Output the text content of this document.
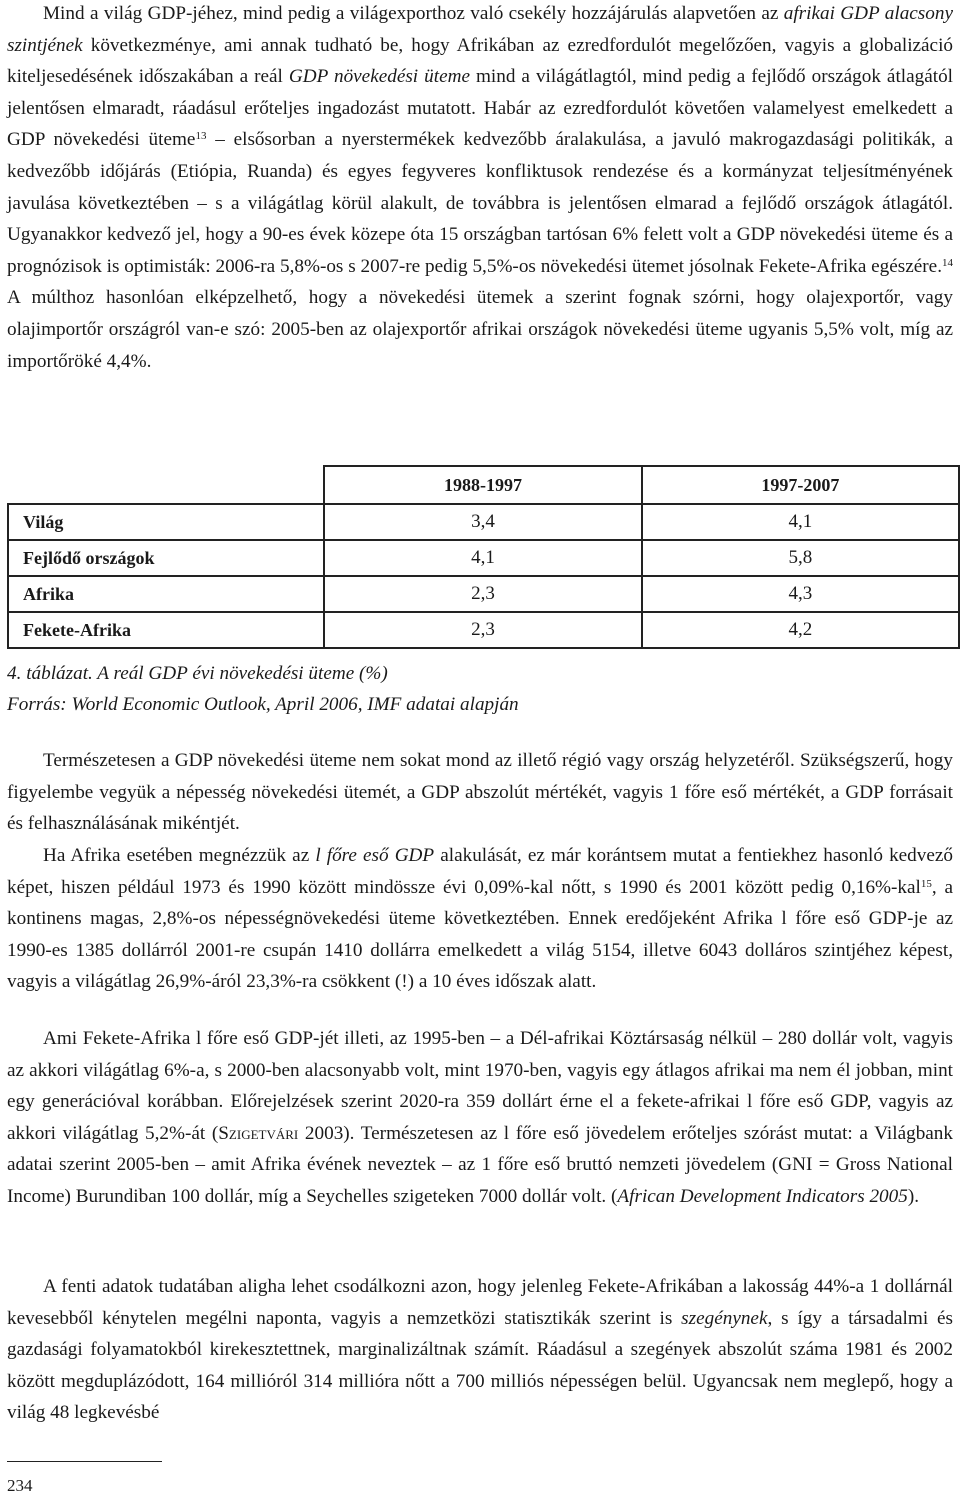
Mind a világ GDP-jéhez, mind pedig a világexporthoz való csekély hozzájárulás alapvetően az afrikai GDP alacsony szintjének következménye, ami annak tudható be, hogy Afrikában az ezredfordulót megelőzően, vagyis a globalizáció kiteljesedésének időszakában a reál GDP növekedési üteme mind a világátlagtól, mind pedig a fejlődő országok átlagától jelentősen elmaradt, ráadásul erőteljes ingadozást mutatott. Habár az ezredfordulót követően valamelyest emelkedett a GDP növekedési üteme$^{13}$ – elsősorban a nyerstermékek kedvezőbb áralakulása, a javuló makrogazdasági politikák, a kedvezőbb időjárás (Etiópia, Ruanda) és egyes fegyveres konfliktusok rendezése és a kormányzat teljesítményének javulása következtében – s a világátlag körül alakult, de továbbra is jelentősen elmarad a fejlődő országok átlagától. Ugyanakkor kedvező jel, hogy a 90-es évek közepe óta 15 országban tartósan 6% felett volt a GDP növekedési üteme és a prognózisok is optimisták: 2006-ra 5,8%-os s 2007-re pedig 5,5%-os növekedési ütemet jósolnak Fekete-Afrika egészére.$^{14}$ A múlthoz hasonlóan elképzelhető, hogy a növekedési ütemek a szerint fognak szórni, hogy olajexportőr, vagy olajimportőr országról van-e szó: 2005-ben az olajexportőr afrikai országok növekedési üteme ugyanis 5,5% volt, míg az importőröké 4,4%.

	1988-1997	1997-2007
Világ	3,4	4,1
Fejlődő országok	4,1	5,8
Afrika	2,3	4,3
Fekete-Afrika	2,3	4,2
4. táblázat. A reál GDP évi növekedési üteme (%)
Forrás: World Economic Outlook, April 2006, IMF adatai alapján

Természetesen a GDP növekedési üteme nem sokat mond az illető régió vagy ország helyzetéről. Szükségszerű, hogy figyelembe vegyük a népesség növekedési ütemét, a GDP abszolút mértékét, vagyis 1 főre eső mértékét, a GDP forrásait és felhasználásának mikéntjét.

Ha Afrika esetében megnézzük az l főre eső GDP alakulását, ez már korántsem mutat a fentiekhez hasonló kedvező képet, hiszen például 1973 és 1990 között mindössze évi 0,09%-kal nőtt, s 1990 és 2001 között pedig 0,16%-kal$^{15}$, a kontinens magas, 2,8%-os népességnövekedési üteme következtében. Ennek eredőjeként Afrika l főre eső GDP-je az 1990-es 1385 dollárról 2001-re csupán 1410 dollárra emelkedett a világ 5154, illetve 6043 dolláros szintjéhez képest, vagyis a világátlag 26,9%-áról 23,3%-ra csökkent (!) a 10 éves időszak alatt.

Ami Fekete-Afrika l főre eső GDP-jét illeti, az 1995-ben – a Dél-afrikai Köztársaság nélkül – 280 dollár volt, vagyis az akkori világátlag 6%-a, s 2000-ben alacsonyabb volt, mint 1970-ben, vagyis egy átlagos afrikai ma nem él jobban, mint egy generációval korábban. Előrejelzések szerint 2020-ra 359 dollárt érne el a fekete-afrikai l főre eső GDP, vagyis az akkori világátlag 5,2%-át (Szigetvári 2003). Természetesen az l főre eső jövedelem erőteljes szórást mutat: a Világbank adatai szerint 2005-ben – amit Afrika évének neveztek – az 1 főre eső bruttó nemzeti jövedelem (GNI = Gross National Income) Burundiban 100 dollár, míg a Seychelles szigeteken 7000 dollár volt. (African Development Indicators 2005).

A fenti adatok tudatában aligha lehet csodálkozni azon, hogy jelenleg Fekete-Afrikában a lakosság 44%-a 1 dollárnál kevesebből kénytelen megélni naponta, vagyis a nemzetközi statisztikák szerint is szegénynek, s így a társadalmi és gazdasági folyamatokból kirekesztettnek, marginalizáltnak számít. Ráadásul a szegények abszolút száma 1981 és 2002 között megduplázódott, 164 millióról 314 millióra nőtt a 700 milliós népességen belül. Ugyancsak nem meglepő, hogy a világ 48 legkevésbé

234
